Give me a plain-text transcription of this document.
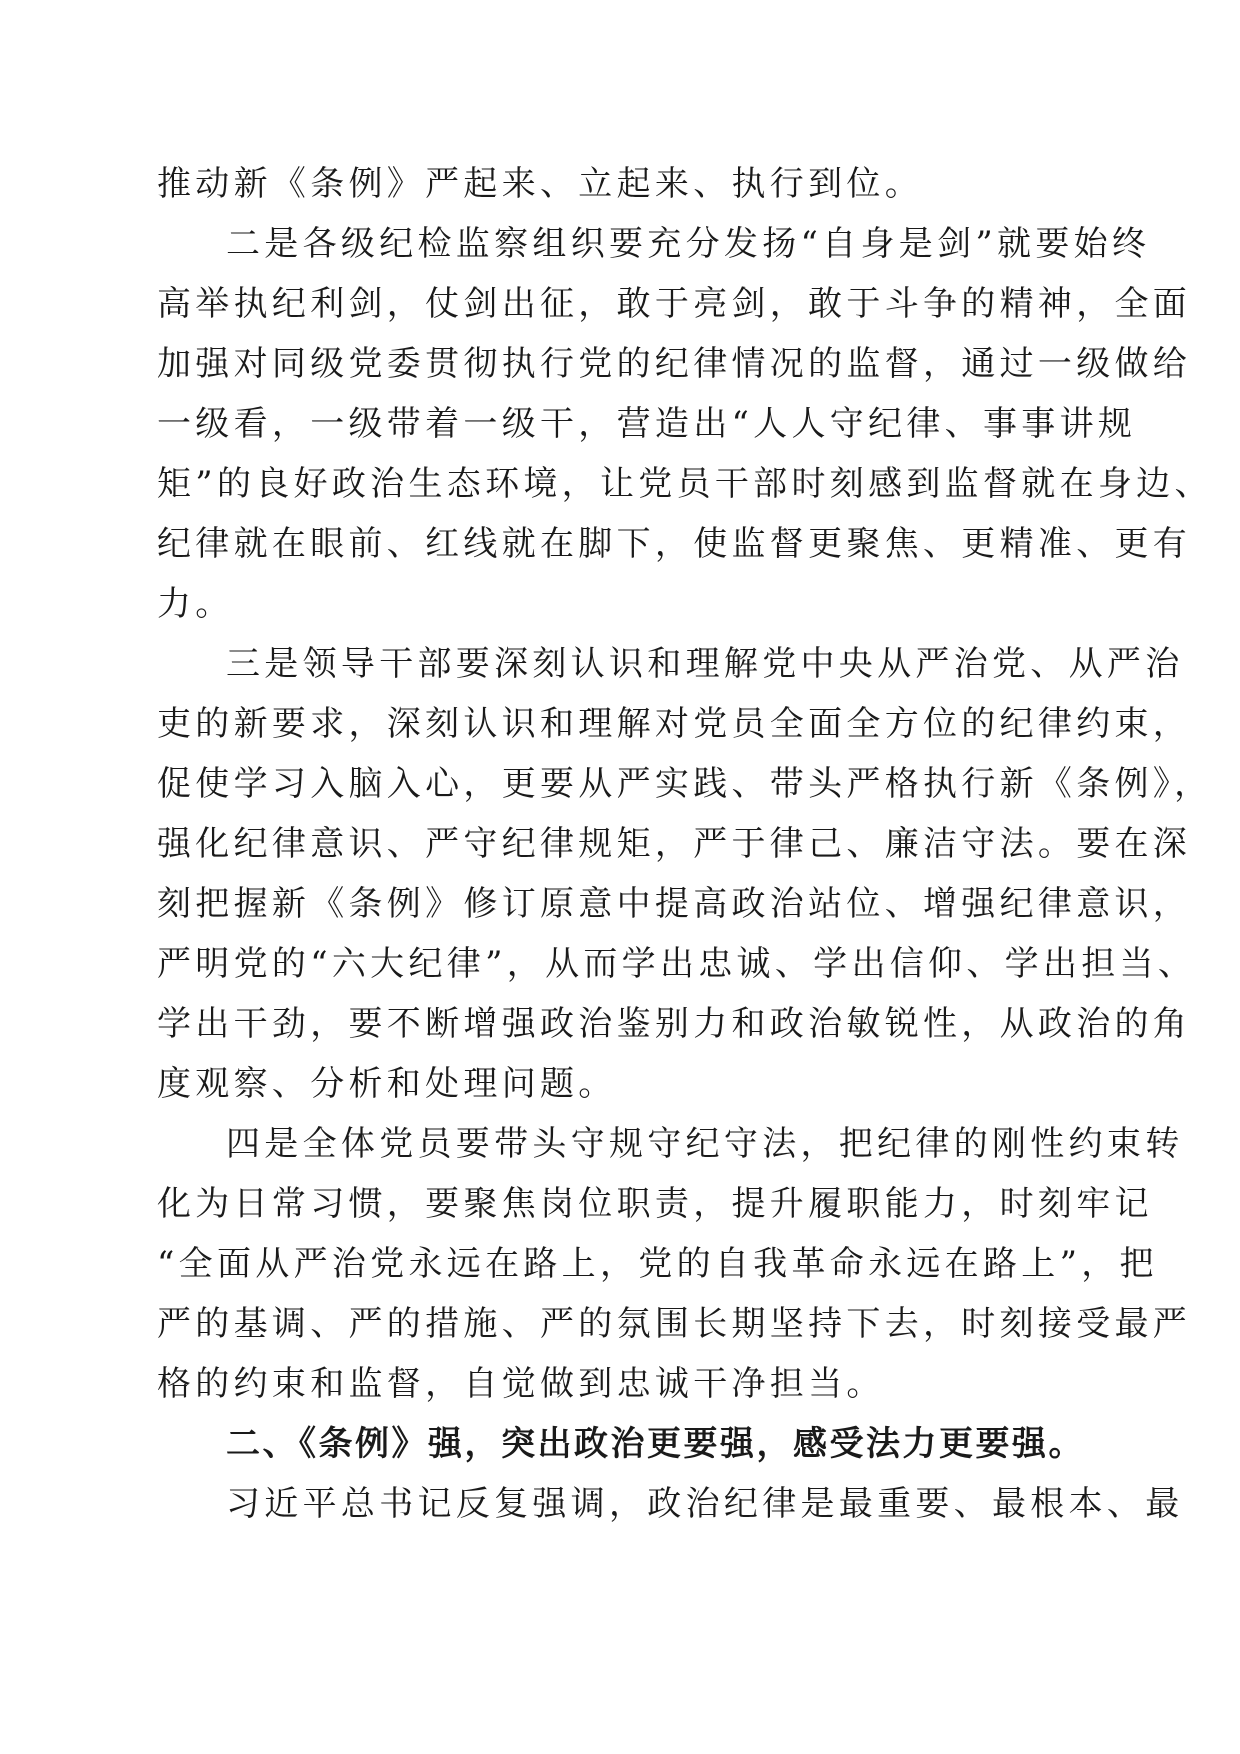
推动新《条例》严起来、立起来、执行到位。
二是各级纪检监察组织要充分发扬“自身是剑”就要始终
高举执纪利剑，仗剑出征，敢于亮剑，敢于斗争的精神，全面
加强对同级党委贯彻执行党的纪律情况的监督，通过一级做给
一级看，一级带着一级干，营造出“人人守纪律、事事讲规
矩”的良好政治生态环境，让党员干部时刻感到监督就在身边、
纪律就在眼前、红线就在脚下，使监督更聚焦、更精准、更有
力。
三是领导干部要深刻认识和理解党中央从严治党、从严治
吏的新要求，深刻认识和理解对党员全面全方位的纪律约束，
促使学习入脑入心，更要从严实践、带头严格执行新《条例》，
强化纪律意识、严守纪律规矩，严于律己、廉洁守法。要在深
刻把握新《条例》修订原意中提高政治站位、增强纪律意识，
严明党的“六大纪律”，从而学出忠诚、学出信仰、学出担当、
学出干劲，要不断增强政治鉴别力和政治敏锐性，从政治的角
度观察、分析和处理问题。
四是全体党员要带头守规守纪守法，把纪律的刚性约束转
化为日常习惯，要聚焦岗位职责，提升履职能力，时刻牢记
“全面从严治党永远在路上，党的自我革命永远在路上”，把
严的基调、严的措施、严的氛围长期坚持下去，时刻接受最严
格的约束和监督，自觉做到忠诚干净担当。
二、《条例》强，突出政治更要强，感受法力更要强。
习近平总书记反复强调，政治纪律是最重要、最根本、最
